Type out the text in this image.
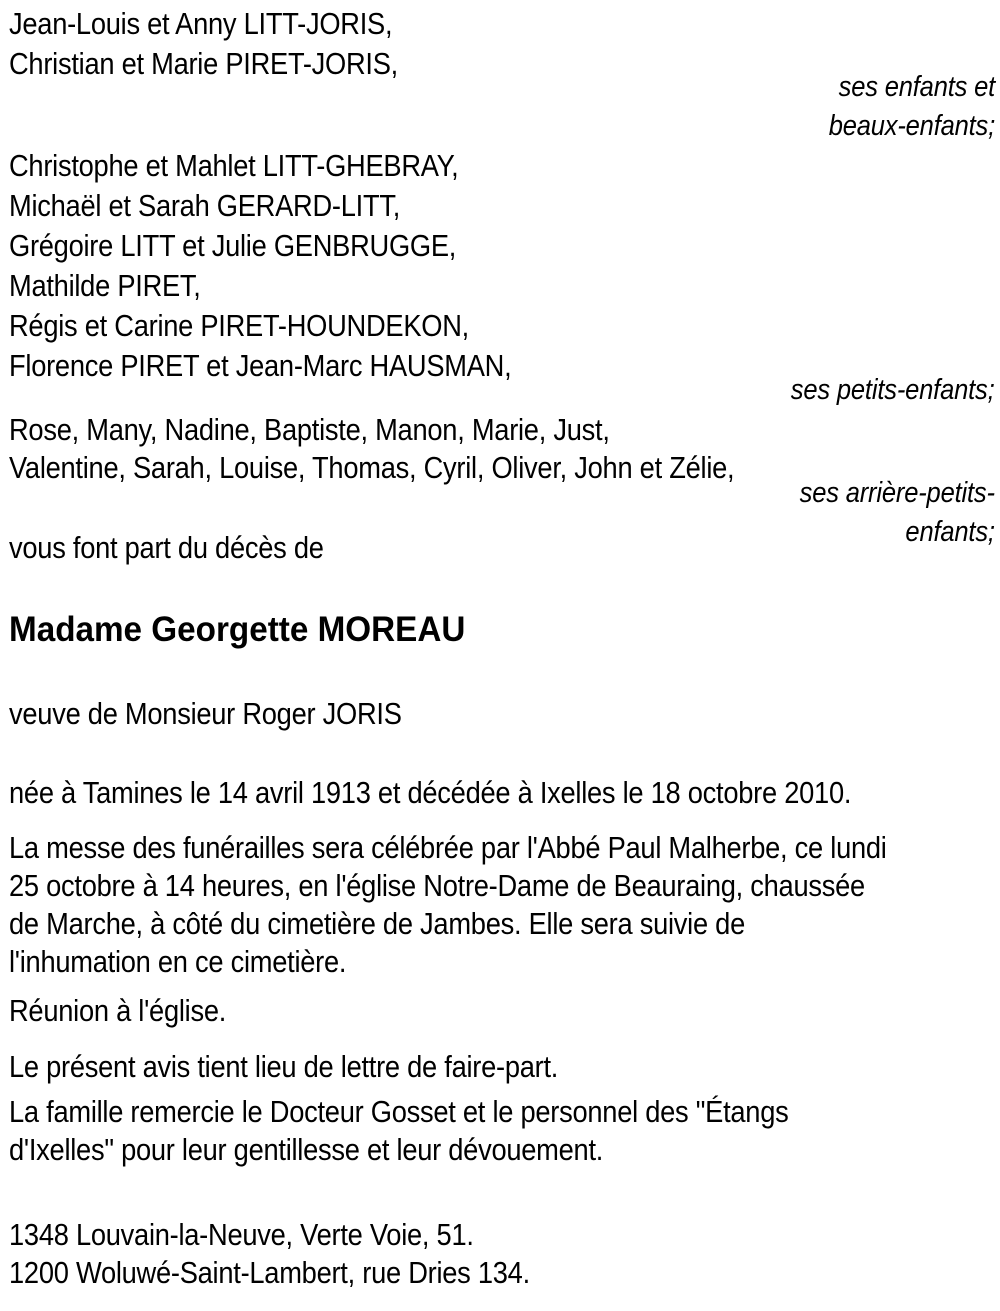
Jean-Louis et Anny LITT-JORIS,
Christian et Marie PIRET-JORIS,
ses enfants et
beaux-enfants;
Christophe et Mahlet LITT-GHEBRAY,
Michaël et Sarah GERARD-LITT,
Grégoire LITT et Julie GENBRUGGE,
Mathilde PIRET,
Régis et Carine PIRET-HOUNDEKON,
Florence PIRET et Jean-Marc HAUSMAN,
ses petits-enfants;
Rose, Many, Nadine, Baptiste, Manon, Marie, Just,
Valentine, Sarah, Louise, Thomas, Cyril, Oliver, John et Zélie,
ses arrière-petits-
enfants;
vous font part du décès de
Madame Georgette MOREAU
veuve de Monsieur Roger JORIS
née à Tamines le 14 avril 1913 et décédée à Ixelles le 18 octobre 2010.
La messe des funérailles sera célébrée par l'Abbé Paul Malherbe, ce lundi
25 octobre à 14 heures, en l'église Notre-Dame de Beauraing, chaussée
de Marche, à côté du cimetière de Jambes. Elle sera suivie de
l'inhumation en ce cimetière.
Réunion à l'église.
Le présent avis tient lieu de lettre de faire-part.
La famille remercie le Docteur Gosset et le personnel des "Étangs
d'Ixelles" pour leur gentillesse et leur dévouement.
1348 Louvain-la-Neuve, Verte Voie, 51.
1200 Woluwé-Saint-Lambert, rue Dries 134.
